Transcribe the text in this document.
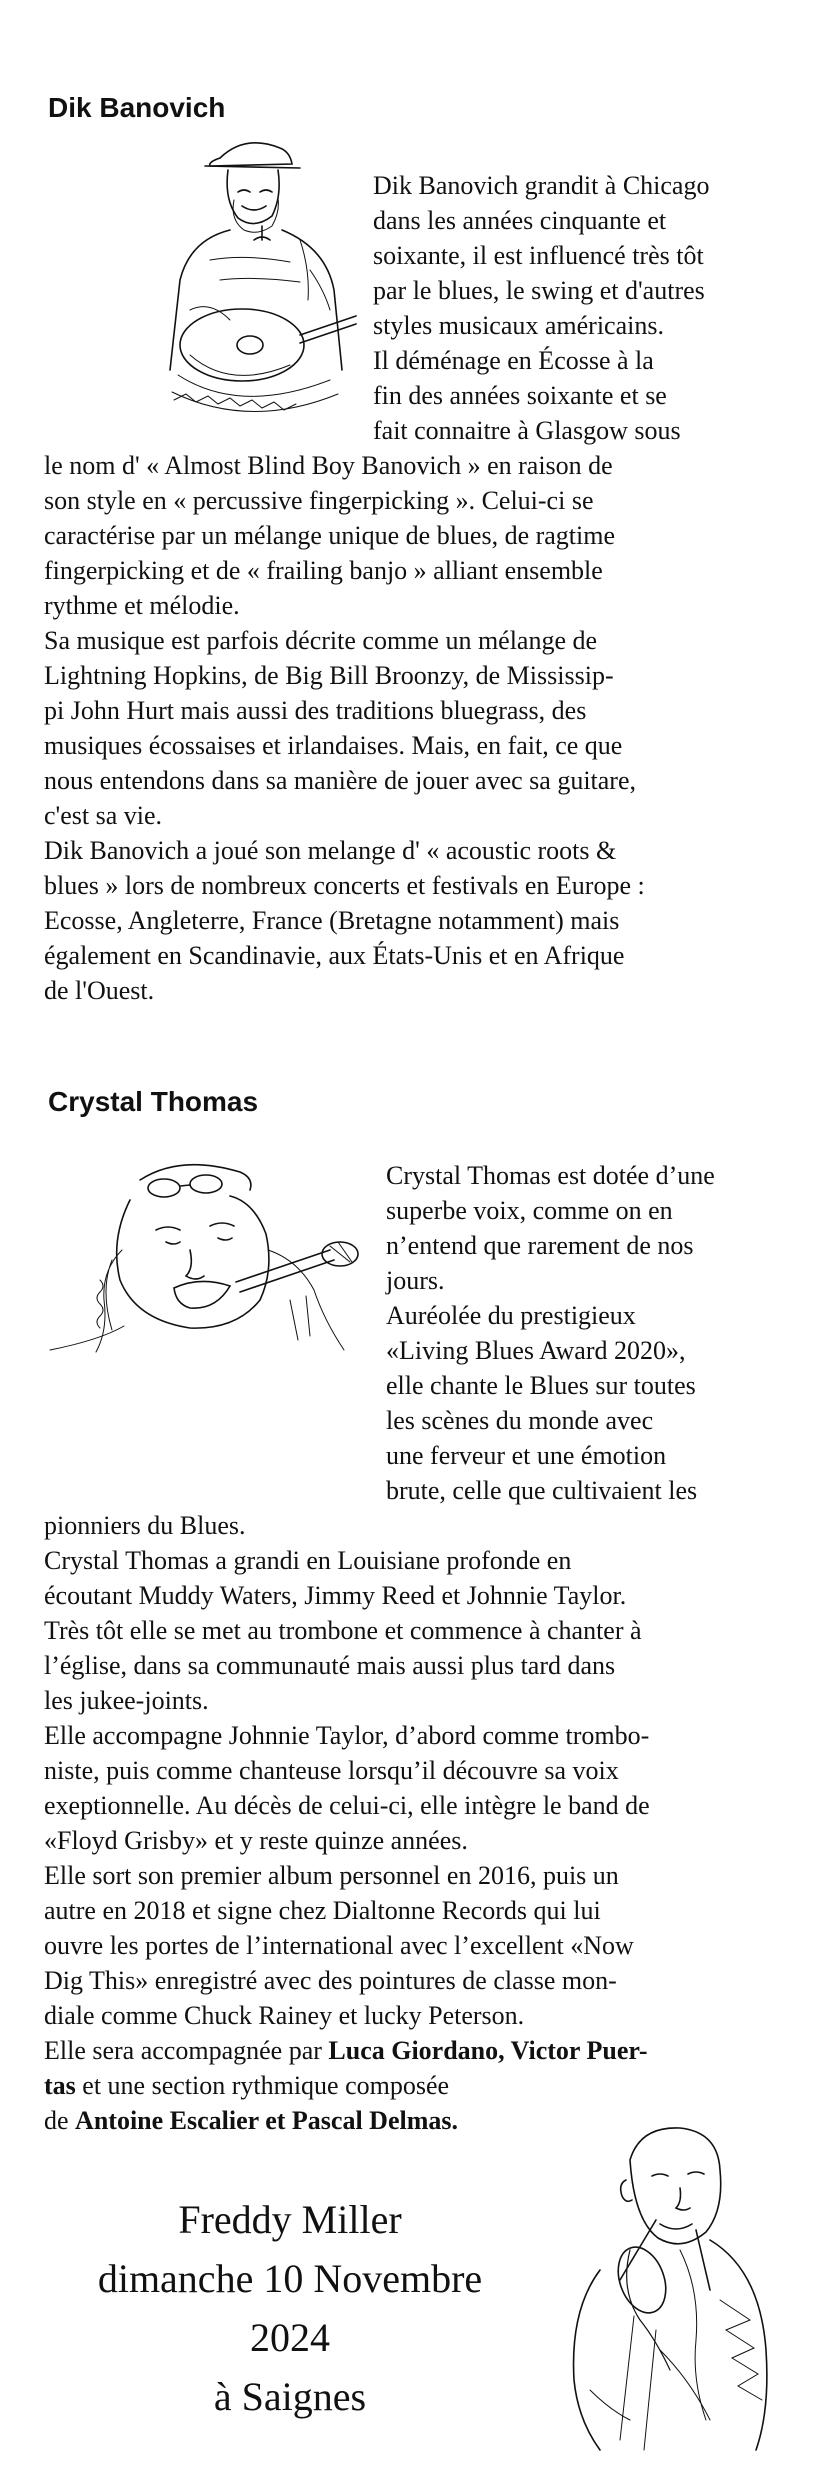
Dik Banovich

Dik Banovich grandit à Chicago
dans les années cinquante et
soixante, il est influencé très tôt
par le blues, le swing et d'autres
styles musicaux américains.
Il déménage en Écosse à la
fin des années soixante et se
fait connaitre à Glasgow sous

le nom d' « Almost Blind Boy Banovich » en raison de
son style en « percussive fingerpicking ». Celui-ci se
caractérise par un mélange unique de blues, de ragtime
fingerpicking et de « frailing banjo » alliant ensemble
rythme et mélodie.
Sa musique est parfois décrite comme un mélange de
Lightning Hopkins, de Big Bill Broonzy, de Mississip-
pi John Hurt mais aussi des traditions bluegrass, des
musiques écossaises et irlandaises. Mais, en fait, ce que
nous entendons dans sa manière de jouer avec sa guitare,
c'est sa vie.
Dik Banovich a joué son melange d' « acoustic roots &
blues » lors de nombreux concerts et festivals en Europe :
Ecosse, Angleterre, France (Bretagne notamment) mais
également en Scandinavie, aux États-Unis et en Afrique
de l'Ouest.

Crystal Thomas

Crystal Thomas est dotée d’une
superbe voix, comme on en
n’entend que rarement de nos
jours.
Auréolée du prestigieux
«Living Blues Award 2020»,
elle chante le Blues sur toutes
les scènes du monde avec
une ferveur et une émotion
brute, celle que cultivaient les

pionniers du Blues.
Crystal Thomas a grandi en Louisiane profonde en
écoutant Muddy Waters, Jimmy Reed et Johnnie Taylor.
Très tôt elle se met au trombone et commence à chanter à
l’église, dans sa communauté mais aussi plus tard dans
les jukee-joints.
Elle accompagne Johnnie Taylor, d’abord comme trombo-
niste, puis comme chanteuse lorsqu’il découvre sa voix
exeptionnelle. Au décès de celui-ci, elle intègre le band de
«Floyd Grisby» et y reste quinze années.
Elle sort son premier album personnel en 2016, puis un
autre en 2018 et signe chez Dialtonne Records qui lui
ouvre les portes de l’international avec l’excellent «Now
Dig This» enregistré avec des pointures de classe mon-
diale comme Chuck Rainey et lucky Peterson.

Elle sera accompagnée par Luca Giordano, Victor Puer-
tas et une section rythmique composée
de Antoine Escalier et Pascal Delmas.

Freddy Miller
dimanche 10 Novembre
2024
à Saignes
